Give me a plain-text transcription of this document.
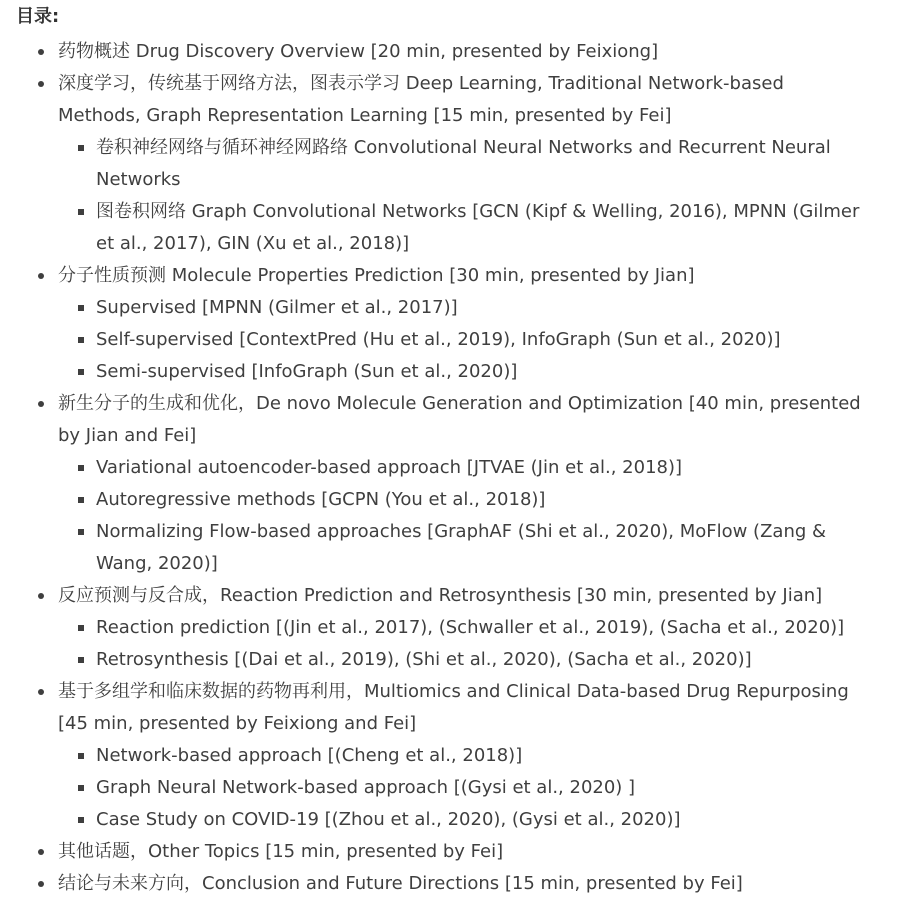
目录:
药物概述 Drug Discovery Overview [20 min, presented by Feixiong]
深度学习，传统基于网络方法，图表示学习 Deep Learning, Traditional Network-based Methods, Graph Representation Learning [15 min, presented by Fei]
卷积神经网络与循环神经网路络 Convolutional Neural Networks and Recurrent Neural Networks
图卷积网络 Graph Convolutional Networks [GCN (Kipf & Welling, 2016), MPNN (Gilmer et al., 2017), GIN (Xu et al., 2018)]
分子性质预测 Molecule Properties Prediction [30 min, presented by Jian]
Supervised [MPNN (Gilmer et al., 2017)]
Self-supervised [ContextPred (Hu et al., 2019), InfoGraph (Sun et al., 2020)]
Semi-supervised [InfoGraph (Sun et al., 2020)]
新生分子的生成和优化，De novo Molecule Generation and Optimization [40 min, presented by Jian and Fei]
Variational autoencoder-based approach [JTVAE (Jin et al., 2018)]
Autoregressive methods [GCPN (You et al., 2018)]
Normalizing Flow-based approaches [GraphAF (Shi et al., 2020), MoFlow (Zang & Wang, 2020)]
反应预测与反合成，Reaction Prediction and Retrosynthesis [30 min, presented by Jian]
Reaction prediction [(Jin et al., 2017), (Schwaller et al., 2019), (Sacha et al., 2020)]
Retrosynthesis [(Dai et al., 2019), (Shi et al., 2020), (Sacha et al., 2020)]
基于多组学和临床数据的药物再利用，Multiomics and Clinical Data-based Drug Repurposing [45 min, presented by Feixiong and Fei]
Network-based approach [(Cheng et al., 2018)]
Graph Neural Network-based approach [(Gysi et al., 2020) ]
Case Study on COVID-19 [(Zhou et al., 2020), (Gysi et al., 2020)]
其他话题，Other Topics [15 min, presented by Fei]
结论与未来方向，Conclusion and Future Directions [15 min, presented by Fei]
